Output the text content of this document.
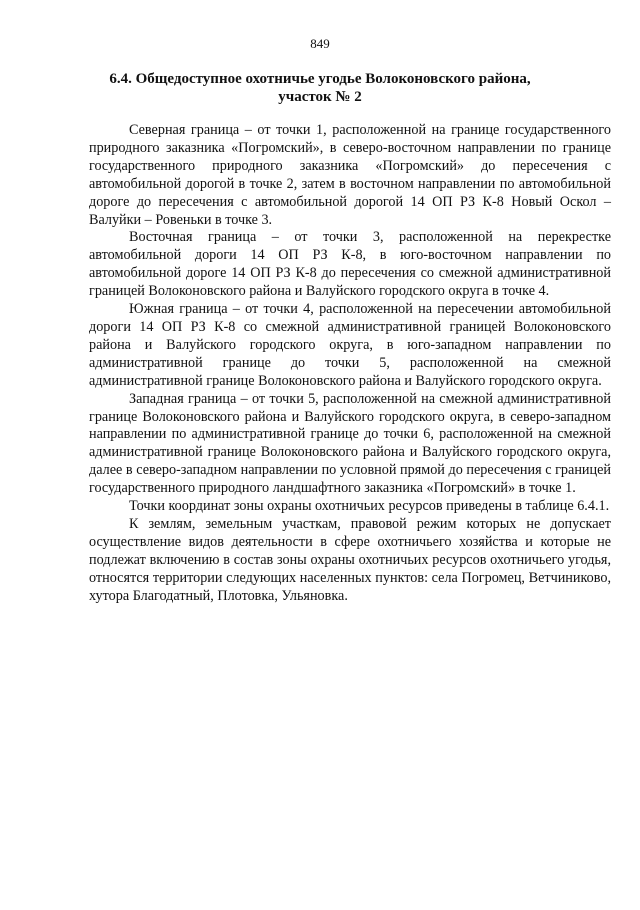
849

6.4. Общедоступное охотничье угодье Волоконовского района,
участок № 2

Северная граница – от точки 1, расположенной на границе государственного природного заказника «Погромский», в северо-восточном направлении по границе государственного природного заказника «Погромский» до пересечения с автомобильной дорогой в точке 2, затем в восточном направлении по автомобильной дороге до пересечения с автомобильной дорогой 14 ОП РЗ К-8 Новый Оскол – Валуйки – Ровеньки в точке 3.

Восточная граница – от точки 3, расположенной на перекрестке автомобильной дороги 14 ОП РЗ К-8, в юго-восточном направлении по автомобильной дороге 14 ОП РЗ К-8 до пересечения со смежной административной границей Волоконовского района и Валуйского городского округа в точке 4.

Южная граница – от точки 4, расположенной на пересечении автомобильной дороги 14 ОП РЗ К-8 со смежной административной границей Волоконовского района и Валуйского городского округа, в юго-западном направлении по административной границе до точки 5, расположенной на смежной административной границе Волоконовского района и Валуйского городского округа.

Западная граница – от точки 5, расположенной на смежной административной границе Волоконовского района и Валуйского городского округа, в северо-западном направлении по административной границе до точки 6, расположенной на смежной административной границе Волоконовского района и Валуйского городского округа, далее в северо-западном направлении по условной прямой до пересечения с границей государственного природного ландшафтного заказника «Погромский» в точке 1.

Точки координат зоны охраны охотничьих ресурсов приведены в таблице 6.4.1.

К землям, земельным участкам, правовой режим которых не допускает осуществление видов деятельности в сфере охотничьего хозяйства и которые не подлежат включению в состав зоны охраны охотничьих ресурсов охотничьего угодья, относятся территории следующих населенных пунктов: села Погромец, Ветчиниково, хутора Благодатный, Плотовка, Ульяновка.
